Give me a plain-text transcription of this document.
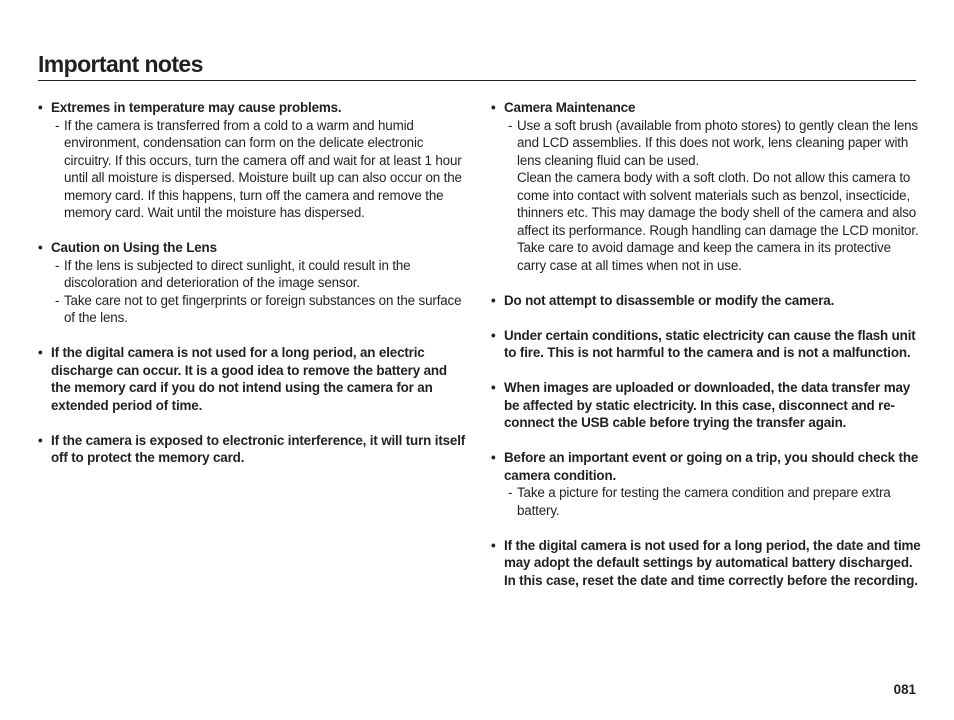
Important notes
• Extremes in temperature may cause problems.
- If the camera is transferred from a cold to a warm and humid environment, condensation can form on the delicate electronic circuitry. If this occurs, turn the camera off and wait for at least 1 hour until all moisture is dispersed. Moisture built up can also occur on the memory card. If this happens, turn off the camera and remove the memory card. Wait until the moisture has dispersed.
• Caution on Using the Lens
- If the lens is subjected to direct sunlight, it could result in the discoloration and deterioration of the image sensor.
- Take care not to get fingerprints or foreign substances on the surface of the lens.
• If the digital camera is not used for a long period, an electric discharge can occur. It is a good idea to remove the battery and the memory card if you do not intend using the camera for an extended period of time.
• If the camera is exposed to electronic interference, it will turn itself off to protect the memory card.
• Camera Maintenance
- Use a soft brush (available from photo stores) to gently clean the lens and LCD assemblies. If this does not work, lens cleaning paper with lens cleaning fluid can be used.
Clean the camera body with a soft cloth. Do not allow this camera to come into contact with solvent materials such as benzol, insecticide, thinners etc. This may damage the body shell of the camera and also affect its performance. Rough handling can damage the LCD monitor. Take care to avoid damage and keep the camera in its protective carry case at all times when not in use.
• Do not attempt to disassemble or modify the camera.
• Under certain conditions, static electricity can cause the flash unit to fire. This is not harmful to the camera and is not a malfunction.
• When images are uploaded or downloaded, the data transfer may be affected by static electricity. In this case, disconnect and re-connect the USB cable before trying the transfer again.
• Before an important event or going on a trip, you should check the camera condition.
- Take a picture for testing the camera condition and prepare extra battery.
• If the digital camera is not used for a long period, the date and time may adopt the default settings by automatical battery discharged. In this case, reset the date and time correctly before the recording.
081
